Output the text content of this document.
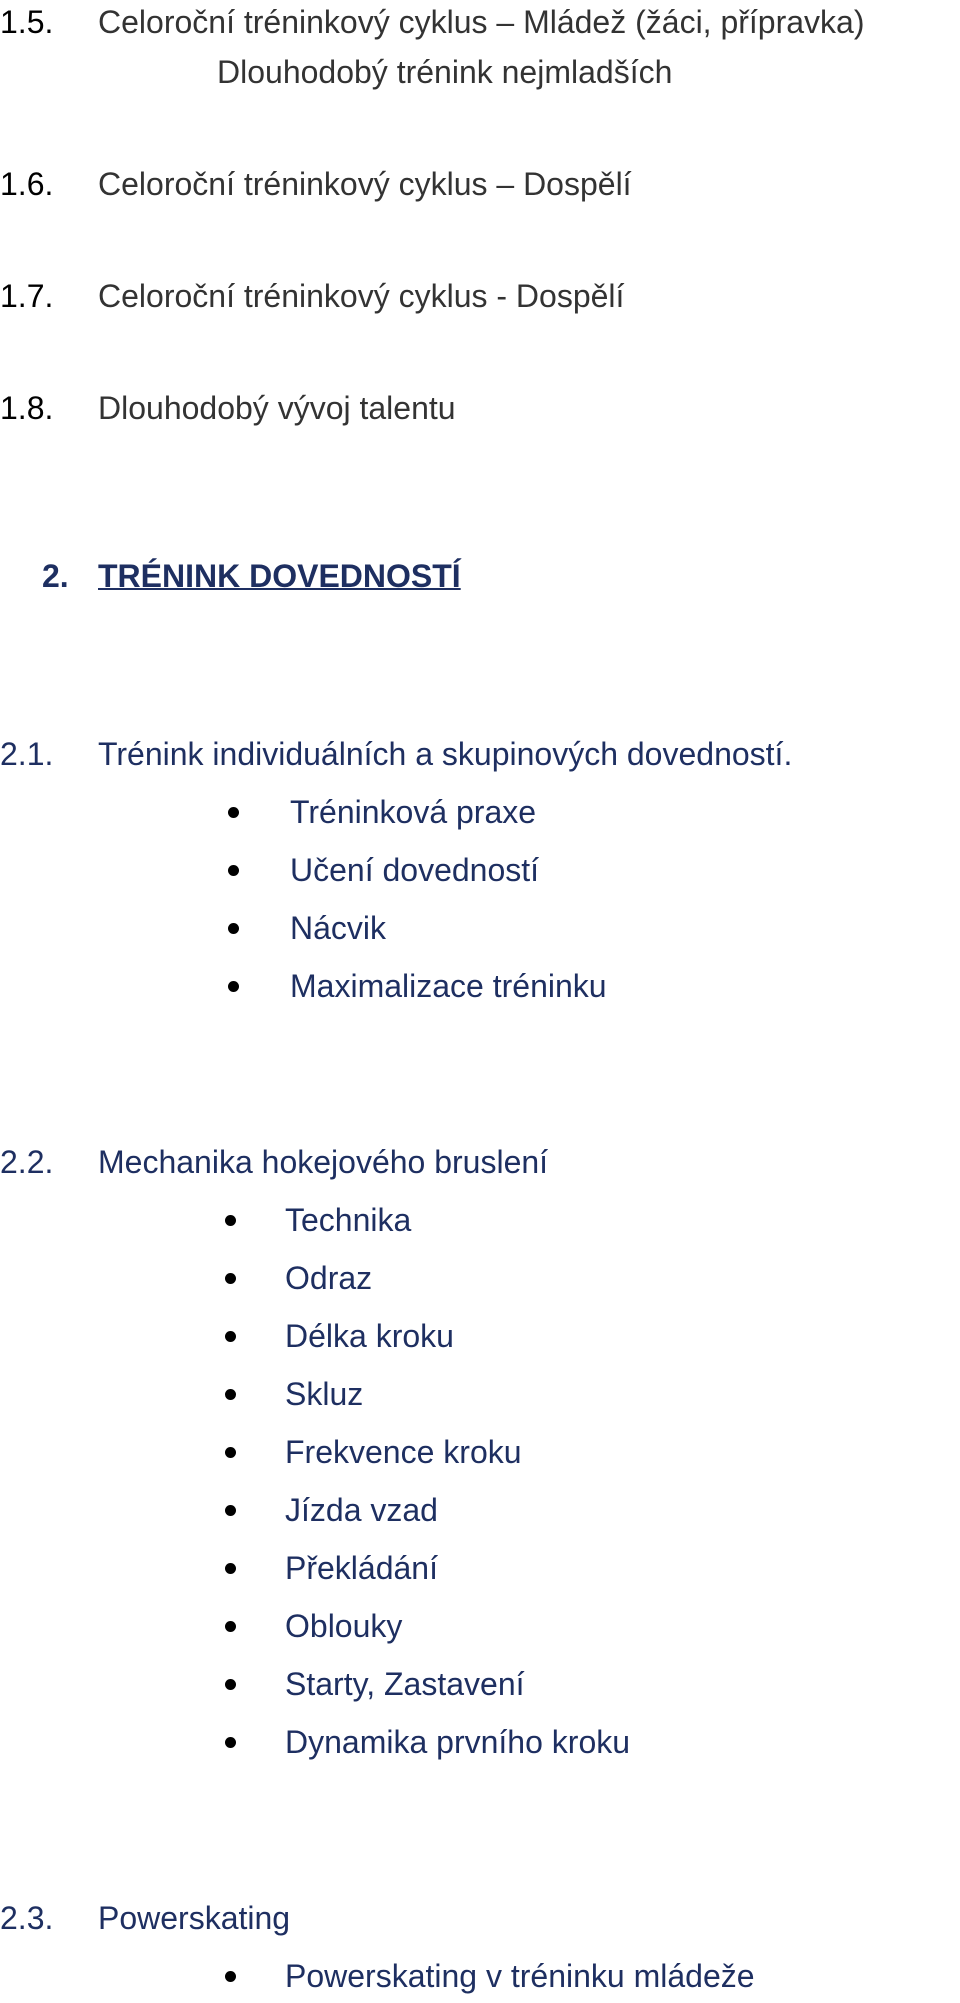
1.5. Celoroční tréninkový cyklus – Mládež (žáci, přípravka)
Dlouhodobý trénink nejmladších
1.6. Celoroční tréninkový cyklus – Dospělí
1.7. Celoroční tréninkový cyklus - Dospělí
1.8. Dlouhodobý vývoj talentu
2. TRÉNINK DOVEDNOSTÍ
2.1. Trénink individuálních a skupinových dovedností.
Tréninková praxe
Učení dovedností
Nácvik
Maximalizace tréninku
2.2. Mechanika hokejového bruslení
Technika
Odraz
Délka kroku
Skluz
Frekvence kroku
Jízda vzad
Překládání
Oblouky
Starty, Zastavení
Dynamika prvního kroku
2.3. Powerskating
Powerskating v tréninku mládeže
